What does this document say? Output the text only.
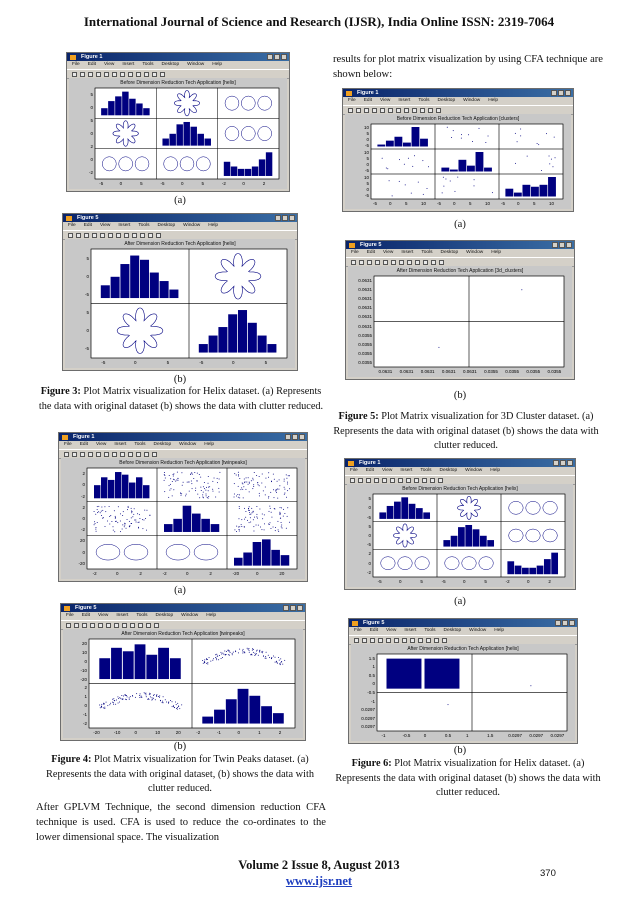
International Journal of Science and Research (IJSR), India Online ISSN: 2319-7064
Figure 1
File Edit View Insert Tools Desktop Window Help
Before Dimension Reduction Tech Application [helix]
5
0
5
0
2
0
-2
-5	0	5	-5	0	5	-2	0	2
(a)
Figure 5
File Edit View Insert Tools Desktop Window Help
After Dimension Reduction Tech Application [helix]
5
0
-5
5
0
-5
-5	0	5	-5	0	5
(b)
Figure 3: Plot Matrix visualization for Helix dataset. (a) Represents the data with original dataset (b) shows the data with clutter reduced.
Figure 1
File Edit View Insert Tools Desktop Window Help
Before Dimension Reduction Tech Application [twinpeaks]
2
0
-2
2
0
-2
20
0
-20
-2	0	2	-2	0	2	-20	0	20
(a)
Figure 5
File Edit View Insert Tools Desktop Window Help
After Dimension Reduction Tech Application [twinpeaks]
20
10
0
-10
-20
2
1
0
-1
-2
-20	-10	0	10	20	-2	-1	0	1	2
(b)
Figure 4: Plot Matrix visualization for Twin Peaks dataset. (a) Represents the data with original dataset, (b) shows the data with clutter reduced.
After GPLVM Technique, the second dimension reduction CFA technique is used. CFA is used to reduce the co-ordinates to the lower dimensional space. The visualization
results for plot matrix visualization by using CFA technique are shown below:
Figure 1
File Edit View Insert Tools Desktop Window Help
Before Dimension Reduction Tech Application [clusters]
10
5
0
-5
10
5
0
-5
10
5
0
-5
-5	0	5	10 -5	0	5	10 -5	0	5	10
(a)
Figure 5
File Edit View Insert Tools Desktop Window Help
After Dimension Reduction Tech Application [3d_clusters]
0.0631
0.0631
0.0631
0.0631
0.0631
0.0631
0.0355
0.0355
0.0355
0.0355
0.0631 0.0631 0.0631 0.0631 0.0631 0.0355 0.0355 0.0355 0.0355
(b)
Figure 5: Plot Matrix visualization for 3D Cluster dataset. (a) Represents the data with original dataset (b) shows the data with clutter reduced.
Figure 1
File Edit View Insert Tools Desktop Window Help
Before Dimension Reduction Tech Application [helix]
5
0
-5
5
0
-5
2
0
-2
-5	0	5	-5	0	5	-2	0	2
(a)
Figure 5
File Edit View Insert Tools Desktop Window Help
After Dimension Reduction Tech Application [helix]
1.5
1
0.5
0
-0.5
-1
0.0297
0.0297
0.0297
-1	-0.5	0	0.5	1	1.5	0.0297 0.0297 0.0297
(b)
Figure 6: Plot Matrix visualization for Helix dataset. (a) Represents the data with original dataset (b) shows the data with clutter reduced.
Volume 2 Issue 8, August 2013
www.ijsr.net
370
